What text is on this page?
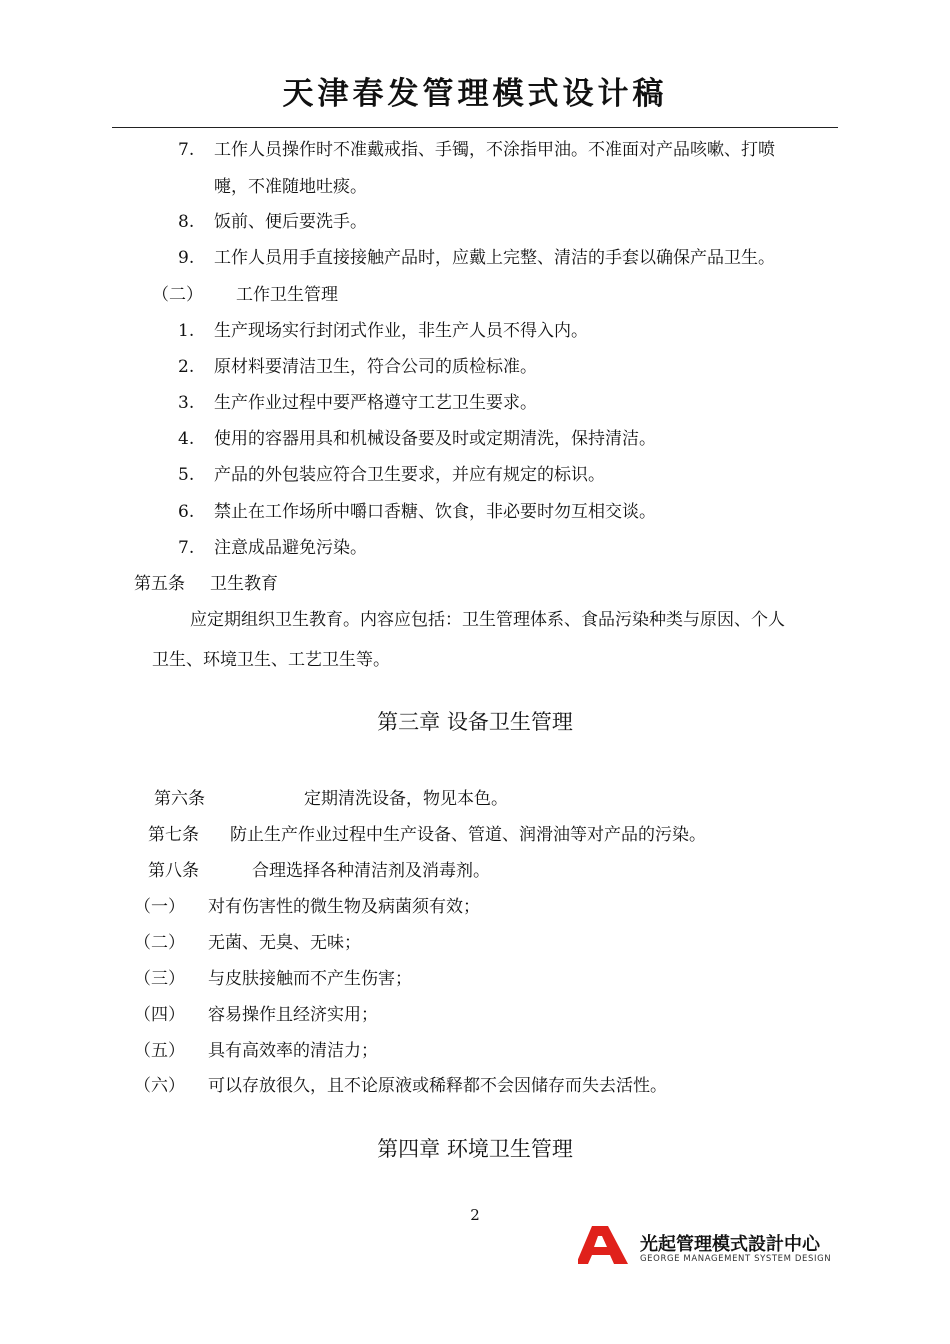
天津春发管理模式设计稿
7. 工作人员操作时不准戴戒指、手镯，不涂指甲油。不准面对产品咳嗽、打喷
嚏，不准随地吐痰。
8. 饭前、便后要洗手。
9. 工作人员用手直接接触产品时，应戴上完整、清洁的手套以确保产品卫生。
（二） 工作卫生管理
1. 生产现场实行封闭式作业，非生产人员不得入内。
2. 原材料要清洁卫生，符合公司的质检标准。
3. 生产作业过程中要严格遵守工艺卫生要求。
4. 使用的容器用具和机械设备要及时或定期清洗，保持清洁。
5. 产品的外包装应符合卫生要求，并应有规定的标识。
6. 禁止在工作场所中嚼口香糖、饮食，非必要时勿互相交谈。
7. 注意成品避免污染。
第五条 卫生教育
应定期组织卫生教育。内容应包括：卫生管理体系、食品污染种类与原因、个人
卫生、环境卫生、工艺卫生等。
第三章 设备卫生管理
第六条	定期清洗设备，物见本色。
第七条 防止生产作业过程中生产设备、管道、润滑油等对产品的污染。
第八条	合理选择各种清洁剂及消毒剂。
（一） 对有伤害性的微生物及病菌须有效；
（二） 无菌、无臭、无味；
（三） 与皮肤接触而不产生伤害；
（四） 容易操作且经济实用；
（五） 具有高效率的清洁力；
（六） 可以存放很久，且不论原液或稀释都不会因储存而失去活性。
第四章 环境卫生管理
2
光起管理模式設計中心
GEORGE MANAGEMENT SYSTEM DESIGN
